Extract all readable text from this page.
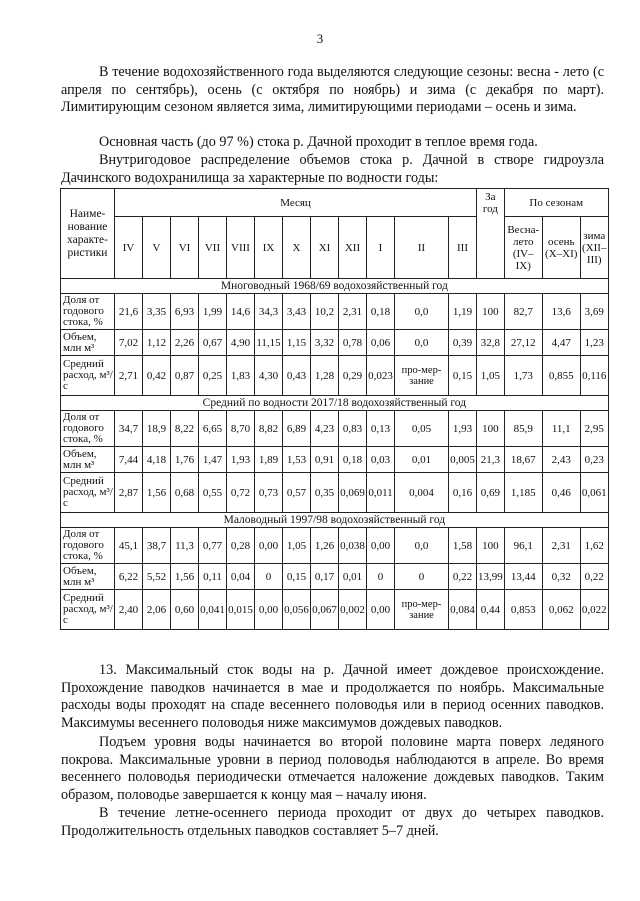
3

В течение водохозяйственного года выделяются следующие сезоны: весна - лето (с апреля по сентябрь), осень (с октября по ноябрь) и зима (с декабря по март). Лимитирующим сезоном является зима, лимитирующими периодами – осень и зима.

Основная часть (до 97 %) стока р. Дачной проходит в теплое время года.

Внутригодовое распределение объемов стока р. Дачной в створе гидроузла Дачинского водохранилища за характерные по водности годы:

Наиме-нование характе-ристики	Месяц												За год	По сезонам		
	IV	V	VI	VII	VIII	IX	X	XI	XII	I	II	III		Весна-лето (IV–IX)	осень (X–XI)	зима (XII–III)
Многоводный 1968/69 водохозяйственный год																
Доля от годового стока, %	21,6	3,35	6,93	1,99	14,6	34,3	3,43	10,2	2,31	0,18	0,0	1,19	100	82,7	13,6	3,69
Объем, млн м³	7,02	1,12	2,26	0,67	4,90	11,15	1,15	3,32	0,78	0,06	0,0	0,39	32,8	27,12	4,47	1,23
Средний расход, м³/с	2,71	0,42	0,87	0,25	1,83	4,30	0,43	1,28	0,29	0,023	про-мер-зание	0,15	1,05	1,73	0,855	0,116
Средний по водности 2017/18 водохозяйственный год																
Доля от годового стока, %	34,7	18,9	8,22	6,65	8,70	8,82	6,89	4,23	0,83	0,13	0,05	1,93	100	85,9	11,1	2,95
Объем, млн м³	7,44	4,18	1,76	1,47	1,93	1,89	1,53	0,91	0,18	0,03	0,01	0,005	21,3	18,67	2,43	0,23
Средний расход, м³/с	2,87	1,56	0,68	0,55	0,72	0,73	0,57	0,35	0,069	0,011	0,004	0,16	0,69	1,185	0,46	0,061
Маловодный 1997/98 водохозяйственный год																
Доля от годового стока, %	45,1	38,7	11,3	0,77	0,28	0,00	1,05	1,26	0,038	0,00	0,0	1,58	100	96,1	2,31	1,62
Объем, млн м³	6,22	5,52	1,56	0,11	0,04	0	0,15	0,17	0,01	0	0	0,22	13,99	13,44	0,32	0,22
Средний расход, м³/с	2,40	2,06	0,60	0,041	0,015	0,00	0,056	0,067	0,002	0,00	про-мер-зание	0,084	0,44	0,853	0,062	0,022

13. Максимальный сток воды на р. Дачной имеет дождевое происхождение. Прохождение паводков начинается в мае и продолжается по ноябрь. Максимальные расходы воды проходят на спаде весеннего половодья или в период осенних паводков. Максимумы весеннего половодья ниже максимумов дождевых паводков.

Подъем уровня воды начинается во второй половине марта поверх ледяного покрова. Максимальные уровни в период половодья наблюдаются в апреле. Во время весеннего половодья периодически отмечается наложение дождевых паводков. Таким образом, половодье завершается к концу мая – началу июня.

В течение летне-осеннего периода проходит от двух до четырех паводков. Продолжительность отдельных паводков составляет 5–7 дней.
